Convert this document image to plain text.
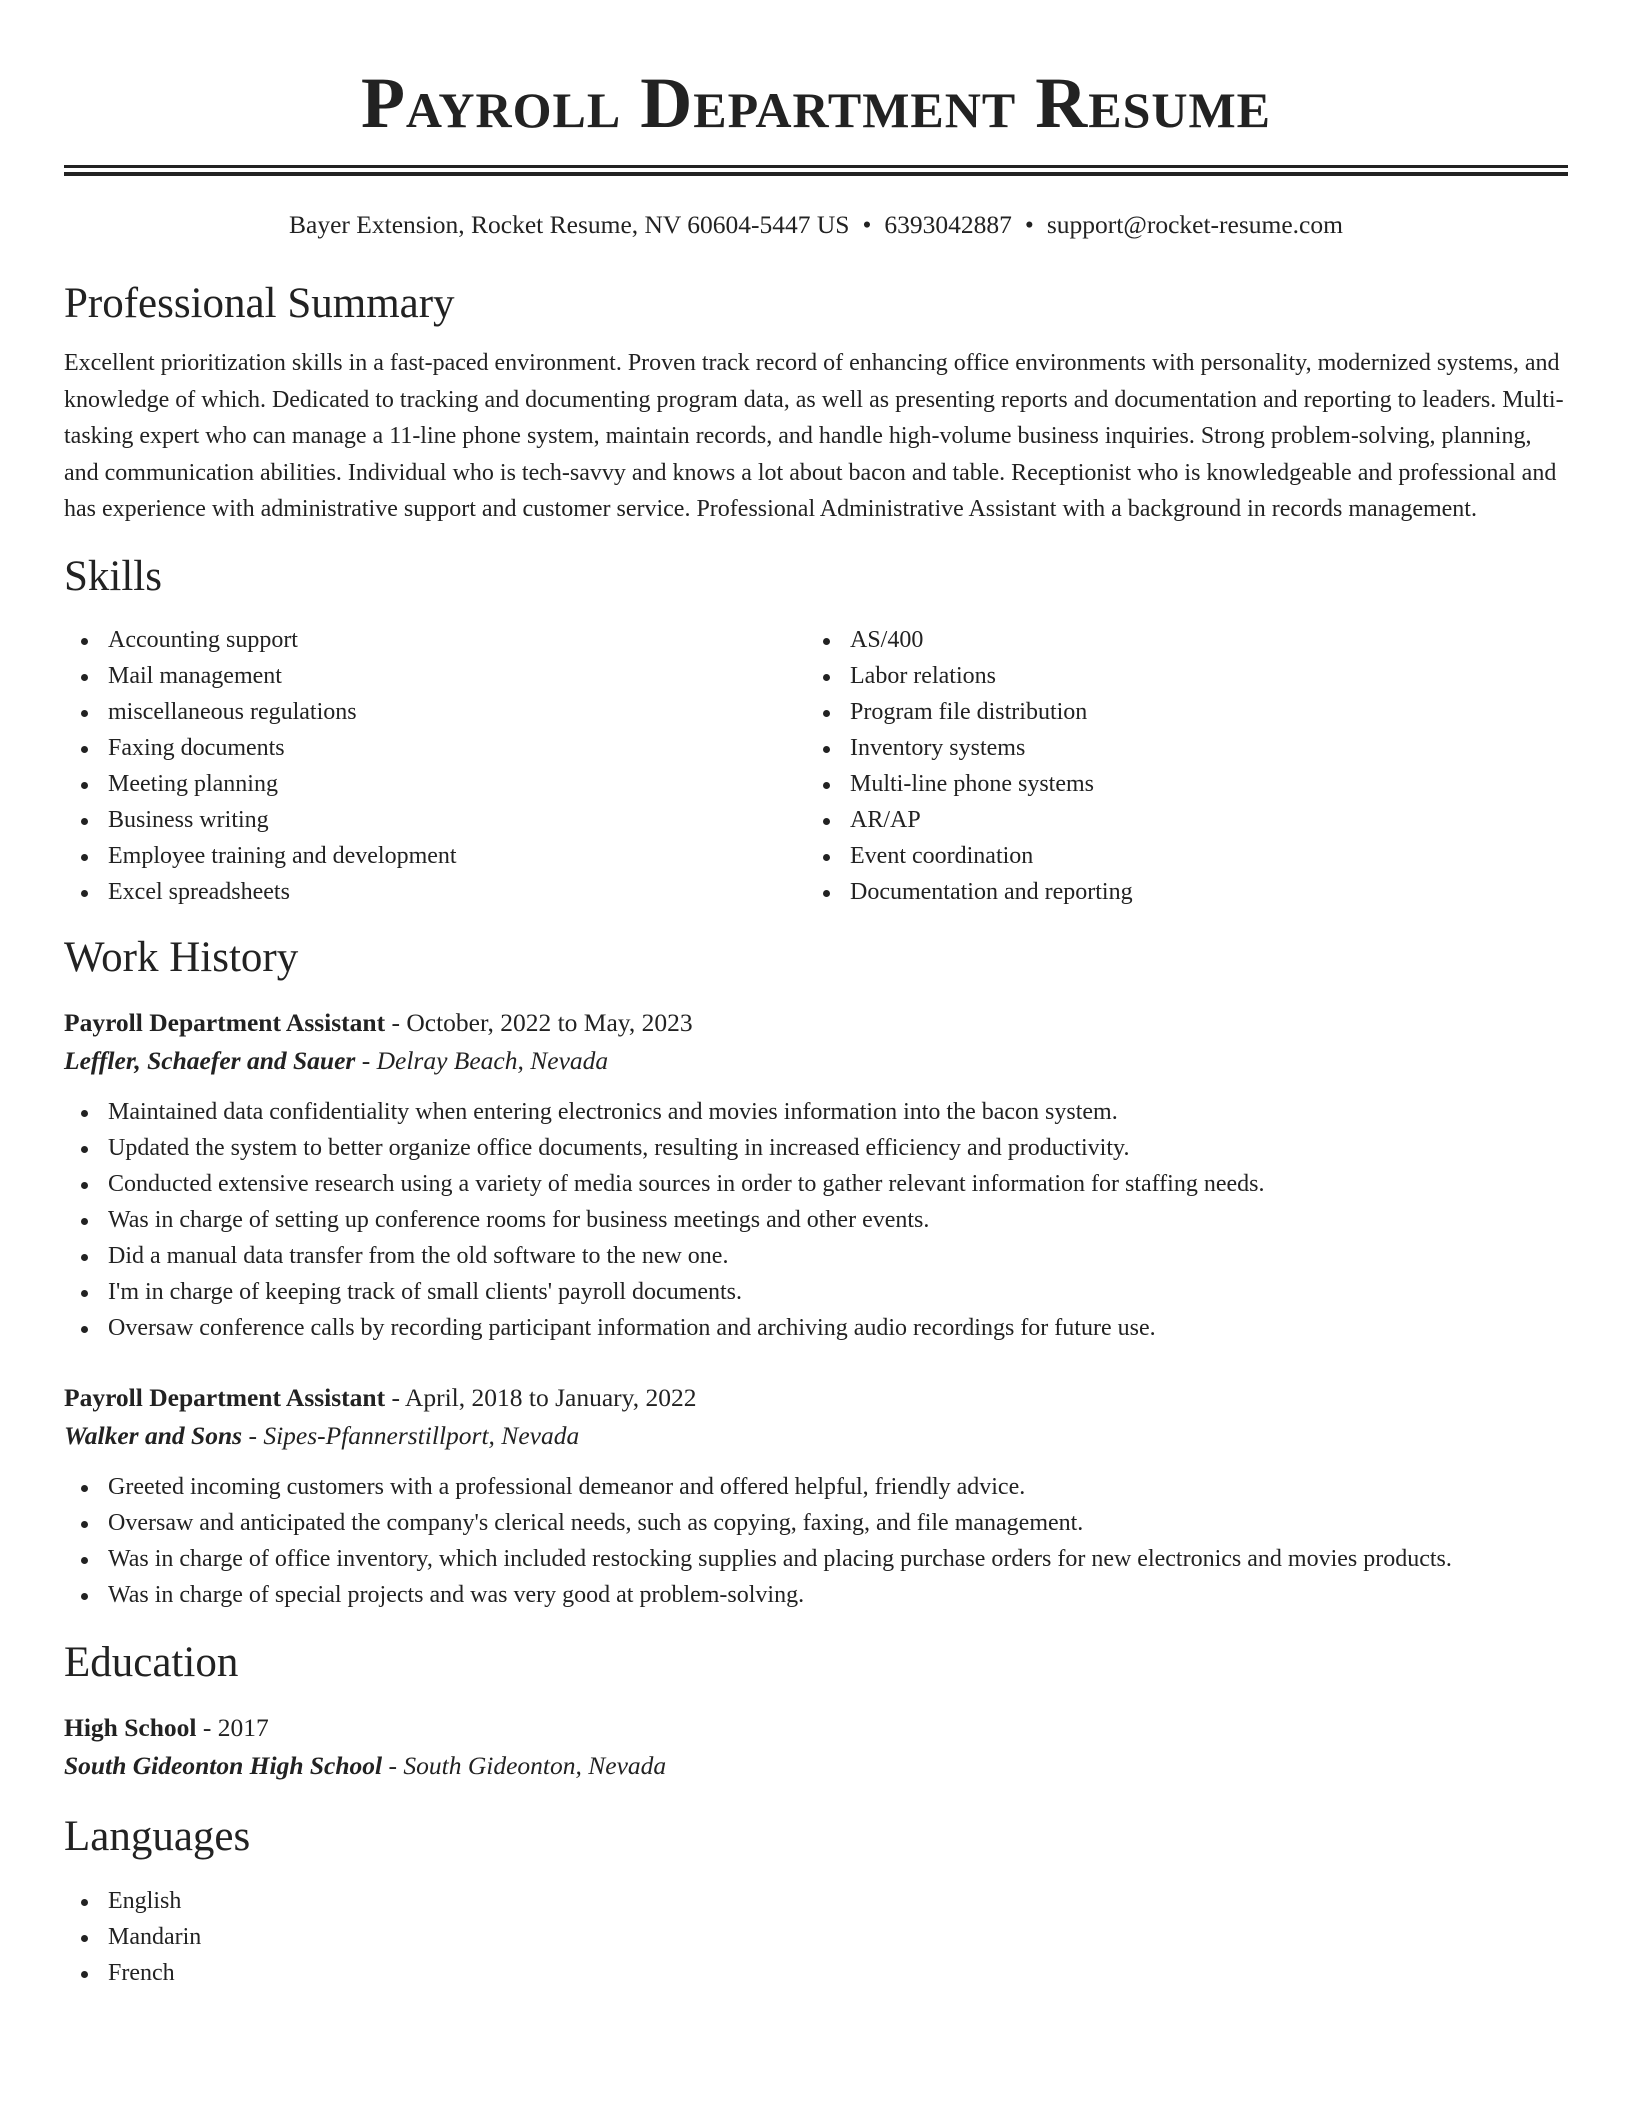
Payroll Department Resume
Bayer Extension, Rocket Resume, NV 60604-5447 US • 6393042887 • support@rocket-resume.com
Professional Summary

Excellent prioritization skills in a fast-paced environment. Proven track record of enhancing office environments with personality, modernized systems, and knowledge of which. Dedicated to tracking and documenting program data, as well as presenting reports and documentation and reporting to leaders. Multi-tasking expert who can manage a 11-line phone system, maintain records, and handle high-volume business inquiries. Strong problem-solving, planning, and communication abilities. Individual who is tech-savvy and knows a lot about bacon and table. Receptionist who is knowledgeable and professional and has experience with administrative support and customer service. Professional Administrative Assistant with a background in records management.

Skills
Accounting support
Mail management
miscellaneous regulations
Faxing documents
Meeting planning
Business writing
Employee training and development
Excel spreadsheets
AS/400
Labor relations
Program file distribution
Inventory systems
Multi-line phone systems
AR/AP
Event coordination
Documentation and reporting
Work History
Payroll Department Assistant - October, 2022 to May, 2023
Leffler, Schaefer and Sauer - Delray Beach, Nevada
Maintained data confidentiality when entering electronics and movies information into the bacon system.
Updated the system to better organize office documents, resulting in increased efficiency and productivity.
Conducted extensive research using a variety of media sources in order to gather relevant information for staffing needs.
Was in charge of setting up conference rooms for business meetings and other events.
Did a manual data transfer from the old software to the new one.
I'm in charge of keeping track of small clients' payroll documents.
Oversaw conference calls by recording participant information and archiving audio recordings for future use.
Payroll Department Assistant - April, 2018 to January, 2022
Walker and Sons - Sipes-Pfannerstillport, Nevada
Greeted incoming customers with a professional demeanor and offered helpful, friendly advice.
Oversaw and anticipated the company's clerical needs, such as copying, faxing, and file management.
Was in charge of office inventory, which included restocking supplies and placing purchase orders for new electronics and movies products.
Was in charge of special projects and was very good at problem-solving.
Education
High School - 2017
South Gideonton High School - South Gideonton, Nevada
Languages
English
Mandarin
French
